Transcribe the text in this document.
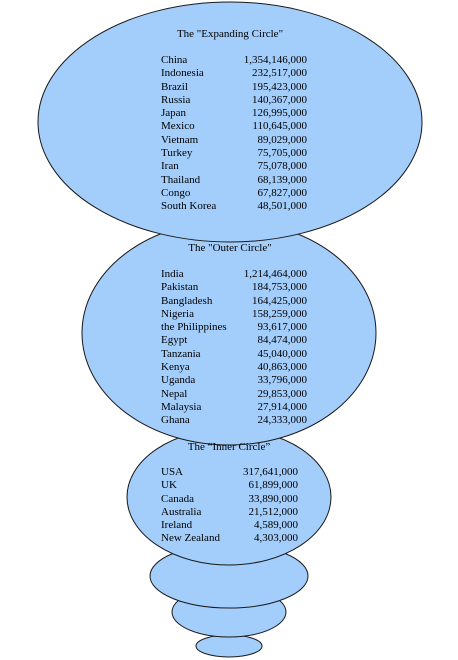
The "Expanding Circle"
China	1,354,146,000
Indonesia	232,517,000
Brazil	195,423,000
Russia	140,367,000
Japan	126,995,000
Mexico	110,645,000
Vietnam	89,029,000
Turkey	75,705,000
Iran	75,078,000
Thailand	68,139,000
Congo	67,827,000
South Korea	48,501,000
The "Outer Circle"
India	1,214,464,000
Pakistan	184,753,000
Bangladesh	164,425,000
Nigeria	158,259,000
the Philippines	93,617,000
Egypt	84,474,000
Tanzania	45,040,000
Kenya	40,863,000
Uganda	33,796,000
Nepal	29,853,000
Malaysia	27,914,000
Ghana	24,333,000
The “Inner Circle”
USA	317,641,000
UK	61,899,000
Canada	33,890,000
Australia	21,512,000
Ireland	4,589,000
New Zealand	4,303,000
